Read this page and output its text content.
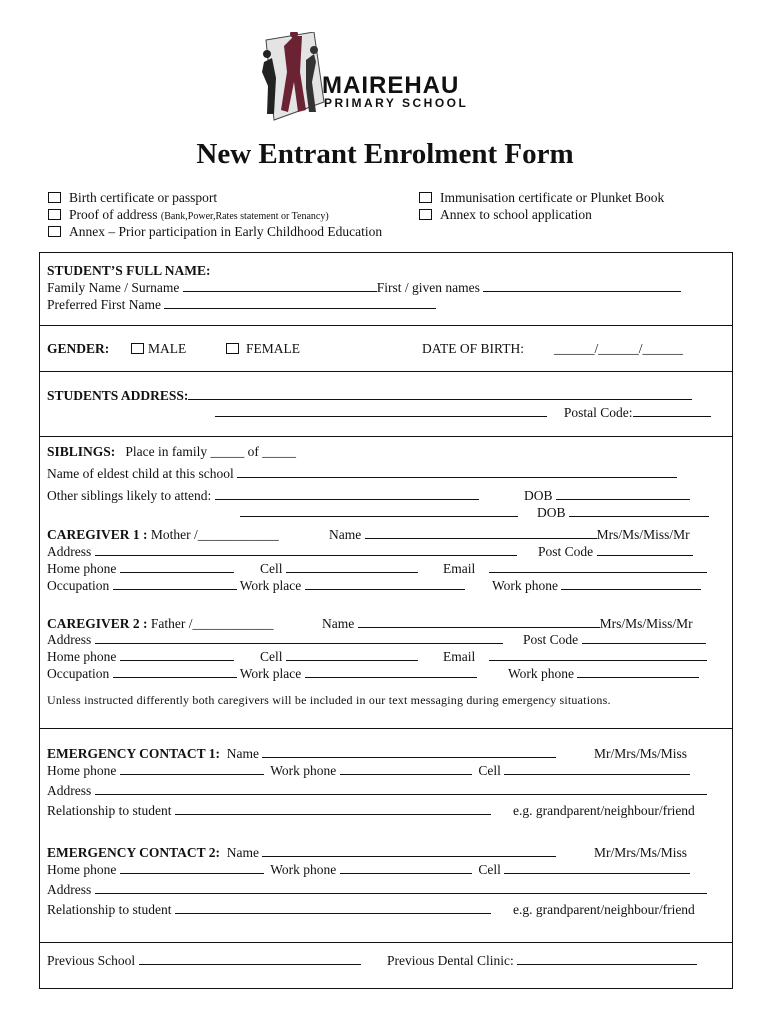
MAIREHAU
PRIMARY SCHOOL
New Entrant Enrolment Form
Birth certificate or passport
Proof of address (Bank,Power,Rates statement or Tenancy)
Annex – Prior participation in Early Childhood Education
Immunisation certificate or Plunket Book
Annex to school application
STUDENT’S FULL NAME:
Family Name / Surname	First / given names
Preferred First Name
GENDER:	MALE	FEMALE	DATE OF BIRTH: ______/______/______
STUDENTS ADDRESS:
Postal Code:
SIBLINGS: Place in family _____ of _____
Name of eldest child at this school
Other siblings likely to attend:	DOB
DOB
CAREGIVER 1 : Mother /____________	Name	Mrs/Ms/Miss/Mr
Address	Post Code
Home phone	Cell	Email
Occupation	Work place	Work phone
CAREGIVER 2 : Father /____________	Name	Mrs/Ms/Miss/Mr
Address	Post Code
Home phone	Cell	Email
Occupation	Work place	Work phone
Unless instructed differently both caregivers will be included in our text messaging during emergency situations.
EMERGENCY CONTACT 1: Name	Mr/Mrs/Ms/Miss
Home phone	Work phone	Cell
Address
Relationship to student	e.g. grandparent/neighbour/friend
EMERGENCY CONTACT 2: Name	Mr/Mrs/Ms/Miss
Home phone	Work phone	Cell
Address
Relationship to student	e.g. grandparent/neighbour/friend
Previous School	Previous Dental Clinic:
